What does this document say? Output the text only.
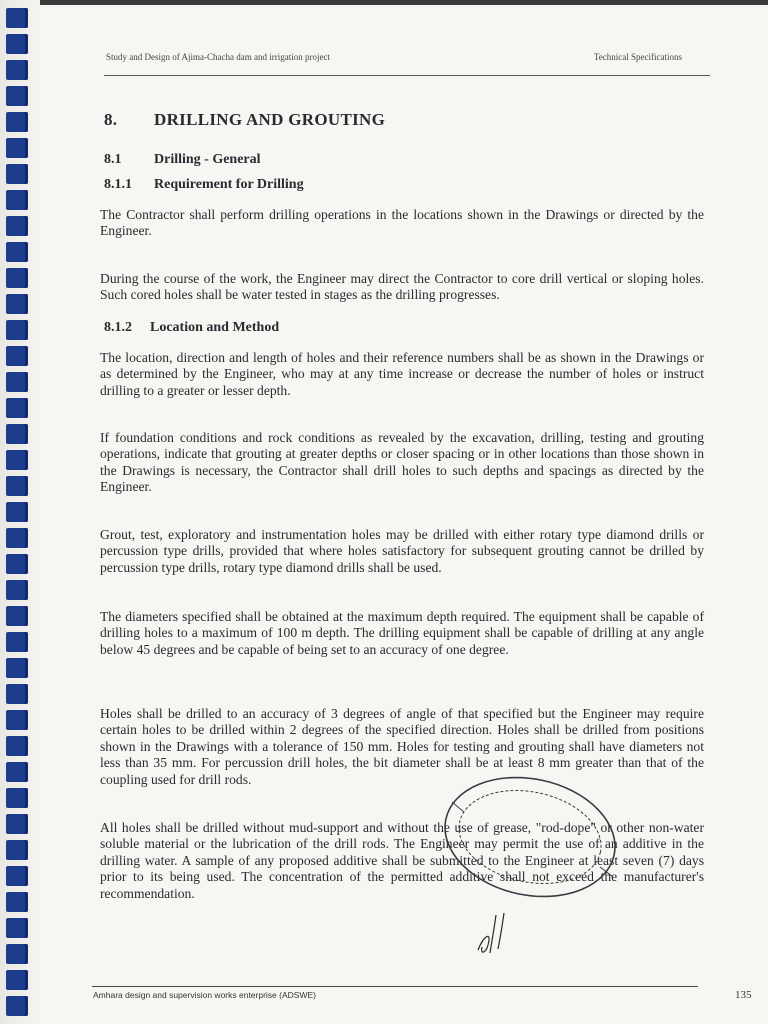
Study and Design of Ajima-Chacha dam and irrigation project	Technical Specifications
8. DRILLING AND GROUTING
8.1 Drilling - General
8.1.1 Requirement for Drilling

The Contractor shall perform drilling operations in the locations shown in the Drawings or directed by the Engineer.

During the course of the work, the Engineer may direct the Contractor to core drill vertical or sloping holes. Such cored holes shall be water tested in stages as the drilling progresses.

8.1.2 Location and Method

The location, direction and length of holes and their reference numbers shall be as shown in the Drawings or as determined by the Engineer, who may at any time increase or decrease the number of holes or instruct drilling to a greater or lesser depth.

If foundation conditions and rock conditions as revealed by the excavation, drilling, testing and grouting operations, indicate that grouting at greater depths or closer spacing or in other locations than those shown in the Drawings is necessary, the Contractor shall drill holes to such depths and spacings as directed by the Engineer.

Grout, test, exploratory and instrumentation holes may be drilled with either rotary type diamond drills or percussion type drills, provided that where holes satisfactory for subsequent grouting cannot be drilled by percussion type drills, rotary type diamond drills shall be used.

The diameters specified shall be obtained at the maximum depth required. The equipment shall be capable of drilling holes to a maximum of 100 m depth. The drilling equipment shall be capable of drilling at any angle below 45 degrees and be capable of being set to an accuracy of one degree.

Holes shall be drilled to an accuracy of 3 degrees of angle of that specified but the Engineer may require certain holes to be drilled within 2 degrees of the specified direction. Holes shall be drilled from positions shown in the Drawings with a tolerance of 150 mm. Holes for testing and grouting shall have diameters not less than 35 mm. For percussion drill holes, the bit diameter shall be at least 8 mm greater than that of the coupling used for drill rods.

All holes shall be drilled without mud-support and without the use of grease, "rod-dope" or other non-water soluble material or the lubrication of the drill rods. The Engineer may permit the use of an additive in the drilling water. A sample of any proposed additive shall be submitted to the Engineer at least seven (7) days prior to its being used. The concentration of the permitted additive shall not exceed the manufacturer's recommendation.

Amhara design and supervision works enterprise (ADSWE)	135
